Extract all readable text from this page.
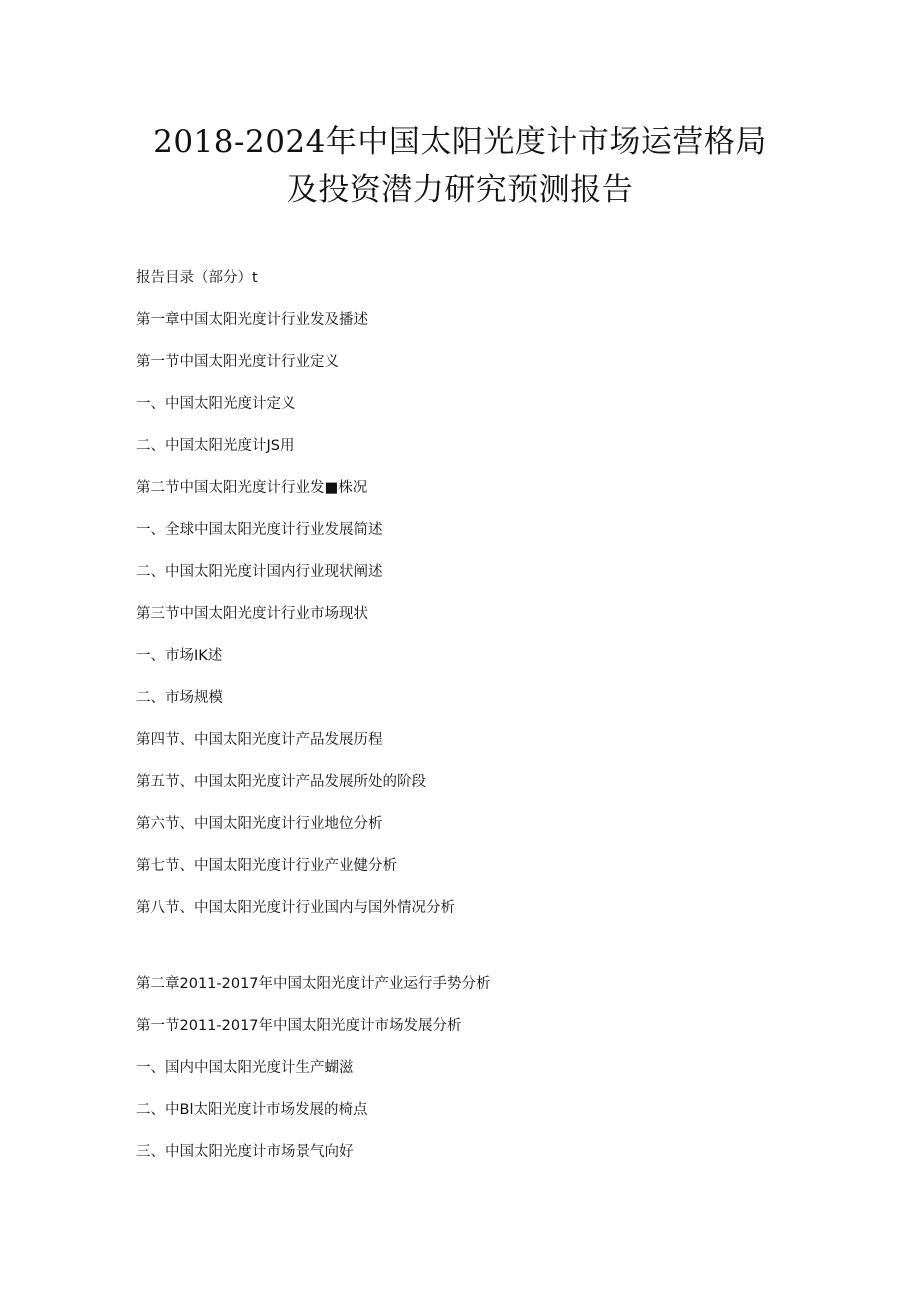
2018-2024年中国太阳光度计市场运营格局
及投资潜力研究预测报告
报告目录（部分）t
第一章中国太阳光度计行业发及播述
第一节中国太阳光度计行业定义
一、中国太阳光度计定义
二、中国太阳光度计JS用
第二节中国太阳光度计行业发■株况
一、全球中国太阳光度计行业发展简述
二、中国太阳光度计国内行业现状阐述
第三节中国太阳光度计行业市场现状
一、市场IK述
二、市场规模
第四节、中国太阳光度计产品发展历程
第五节、中国太阳光度计产品发展所处的阶段
第六节、中国太阳光度计行业地位分析
第七节、中国太阳光度计行业产业健分析
第八节、中国太阳光度计行业国内与国外情况分析
第二章2011-2017年中国太阳光度计产业运行手势分析
第一节2011-2017年中国太阳光度计市场发展分析
一、国内中国太阳光度计生产蝴滋
二、中Bl太阳光度计市场发展的椅点
三、中国太阳光度计市场景气向好
